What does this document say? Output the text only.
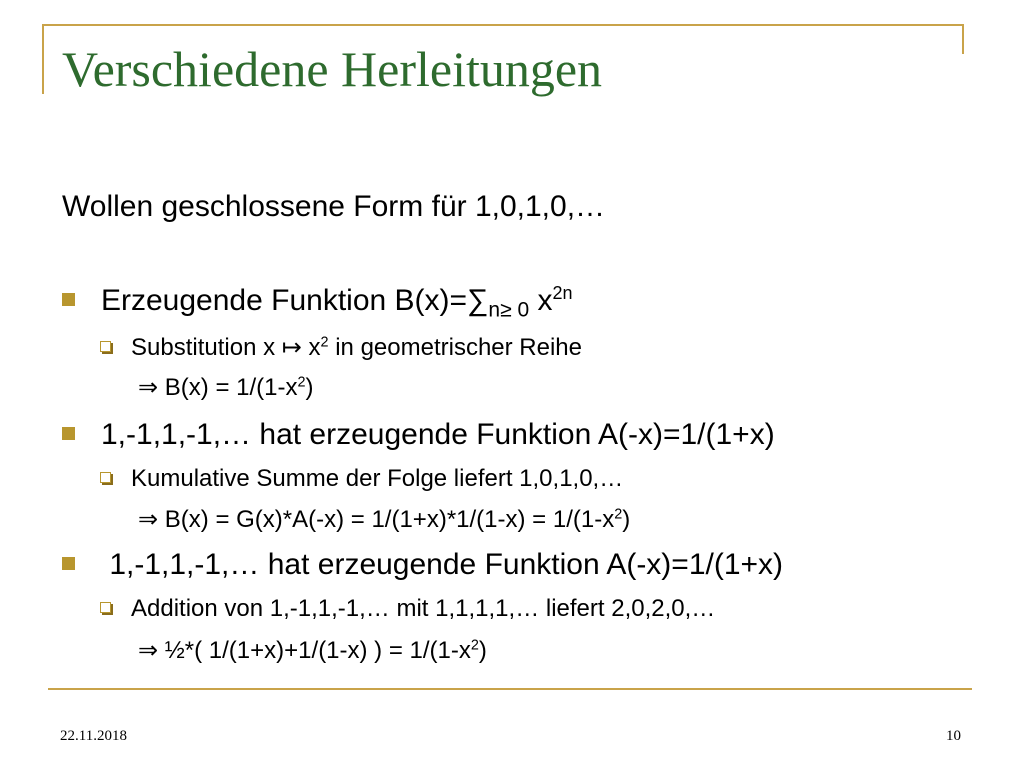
Verschiedene Herleitungen
Wollen geschlossene Form für 1,0,1,0,…
Erzeugende Funktion $B(x)=\sum_{n\ge 0}$ $x^{2n}$
Substitution x ↦ $x^2$ in geometrischer Reihe
⇒ $B(x) = 1/(1-x^2)$
1,-1,1,-1,… hat erzeugende Funktion A(-x)=1/(1+x)
Kumulative Summe der Folge liefert 1,0,1,0,…
⇒ $B(x) = G(x)*A(-x) = 1/(1+x)*1/(1-x) = 1/(1-x^2)$
1,-1,1,-1,… hat erzeugende Funktion A(-x)=1/(1+x)
Addition von 1,-1,1,-1,… mit 1,1,1,1,… liefert 2,0,2,0,…
⇒ ½*( 1/(1+x)+1/(1-x) ) = $1/(1-x^2)$
22.11.2018	10
